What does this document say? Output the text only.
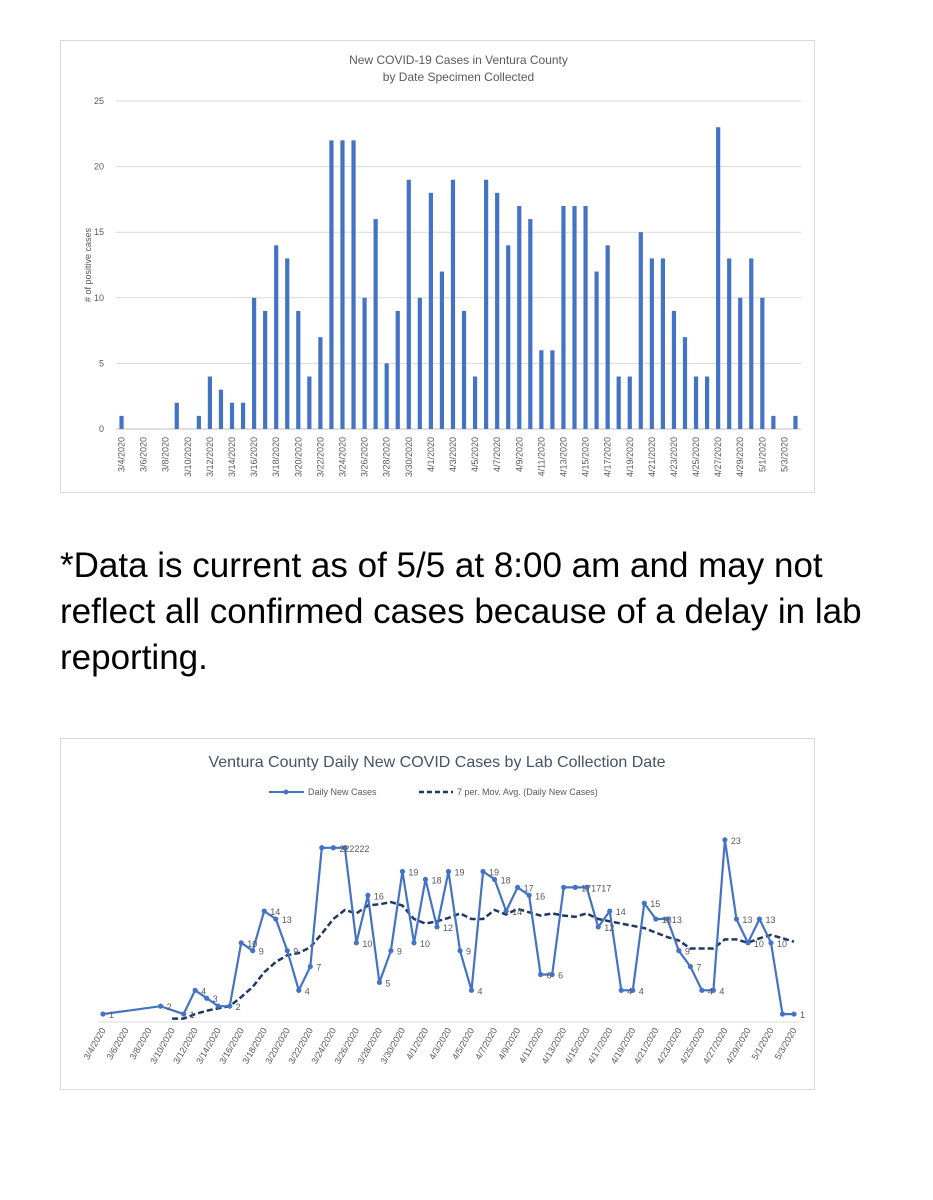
New COVID-19 Cases in Ventura County
by Date Specimen Collected
0
5
10
15
20
25
# of positive cases
3/4/2020 3/6/2020 3/8/2020 3/10/2020 3/12/2020 3/14/2020 3/16/2020 3/18/2020 3/20/2020 3/22/2020 3/24/2020 3/26/2020 3/28/2020 3/30/2020 4/1/2020 4/3/2020 4/5/2020 4/7/2020 4/9/2020 4/11/2020 4/13/2020 4/15/2020 4/17/2020 4/19/2020 4/21/2020 4/23/2020 4/25/2020 4/27/2020 4/29/2020 5/1/2020 5/3/2020

*Data is current as of 5/5 at 8:00 am and may not reflect all confirmed cases because of a delay in lab reporting.

Ventura County Daily New COVID Cases by Lab Collection Date
Daily New Cases	7 per. Mov. Avg. (Daily New Cases)
3/4/2020
3/6/2020
3/8/2020
3/10/2020
3/12/2020
3/14/2020
3/16/2020
3/18/2020
3/20/2020
3/22/2020
3/24/2020
3/26/2020
3/28/2020
3/30/2020
4/1/2020
4/3/2020
4/5/2020
4/7/2020
4/9/2020
4/11/2020
4/13/2020
4/15/2020
4/17/2020
4/19/2020
4/21/2020
4/23/2020
4/25/2020
4/27/2020
4/29/2020
5/1/2020
5/3/2020
1
2
1
4
3
2
10
9
14
13
9
4
7
222222
10
16
5
9
19
10
18
12
19
9
4
19
18
14
17
16
6 6
171717
12
14
4 4
15
1313
9
7
4 4
23
13
10
13
10
1
